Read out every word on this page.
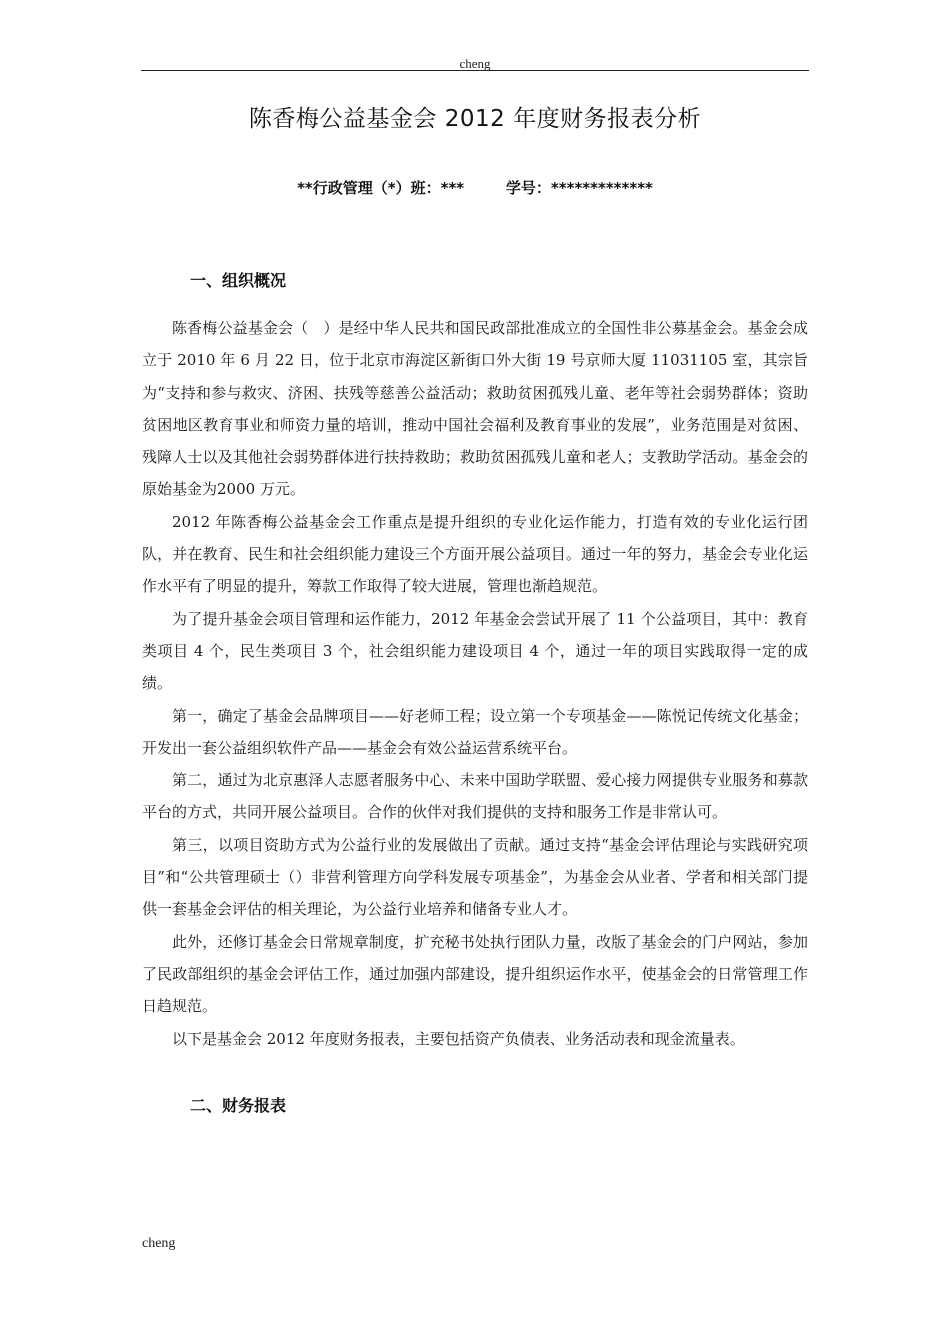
cheng
陈香梅公益基金会 2012 年度财务报表分析
**行政管理（*）班：***        学号：*************
一、组织概况

陈香梅公益基金会（　）是经中华人民共和国民政部批准成立的全国性非公募基金会。基金会成立于 2010 年 6 月 22 日，位于北京市海淀区新街口外大街 19 号京师大厦 11031105 室，其宗旨为“支持和参与救灾、济困、扶残等慈善公益活动；救助贫困孤残儿童、老年等社会弱势群体；资助贫困地区教育事业和师资力量的培训，推动中国社会福利及教育事业的发展”，业务范围是对贫困、残障人士以及其他社会弱势群体进行扶持救助；救助贫困孤残儿童和老人；支教助学活动。基金会的原始基金为2000 万元。

2012 年陈香梅公益基金会工作重点是提升组织的专业化运作能力，打造有效的专业化运行团队，并在教育、民生和社会组织能力建设三个方面开展公益项目。通过一年的努力，基金会专业化运作水平有了明显的提升，筹款工作取得了较大进展，管理也渐趋规范。

为了提升基金会项目管理和运作能力，2012 年基金会尝试开展了 11 个公益项目，其中：教育类项目 4 个，民生类项目 3 个，社会组织能力建设项目 4 个，通过一年的项目实践取得一定的成绩。

第一，确定了基金会品牌项目——好老师工程；设立第一个专项基金——陈悦记传统文化基金；开发出一套公益组织软件产品——基金会有效公益运营系统平台。

第二，通过为北京惠泽人志愿者服务中心、未来中国助学联盟、爱心接力网提供专业服务和募款平台的方式，共同开展公益项目。合作的伙伴对我们提供的支持和服务工作是非常认可。

第三，以项目资助方式为公益行业的发展做出了贡献。通过支持“基金会评估理论与实践研究项目”和“公共管理硕士（）非营利管理方向学科发展专项基金”，为基金会从业者、学者和相关部门提供一套基金会评估的相关理论，为公益行业培养和储备专业人才。

此外，还修订基金会日常规章制度，扩充秘书处执行团队力量，改版了基金会的门户网站，参加了民政部组织的基金会评估工作，通过加强内部建设，提升组织运作水平，使基金会的日常管理工作日趋规范。

以下是基金会 2012 年度财务报表，主要包括资产负债表、业务活动表和现金流量表。

二、财务报表
cheng
